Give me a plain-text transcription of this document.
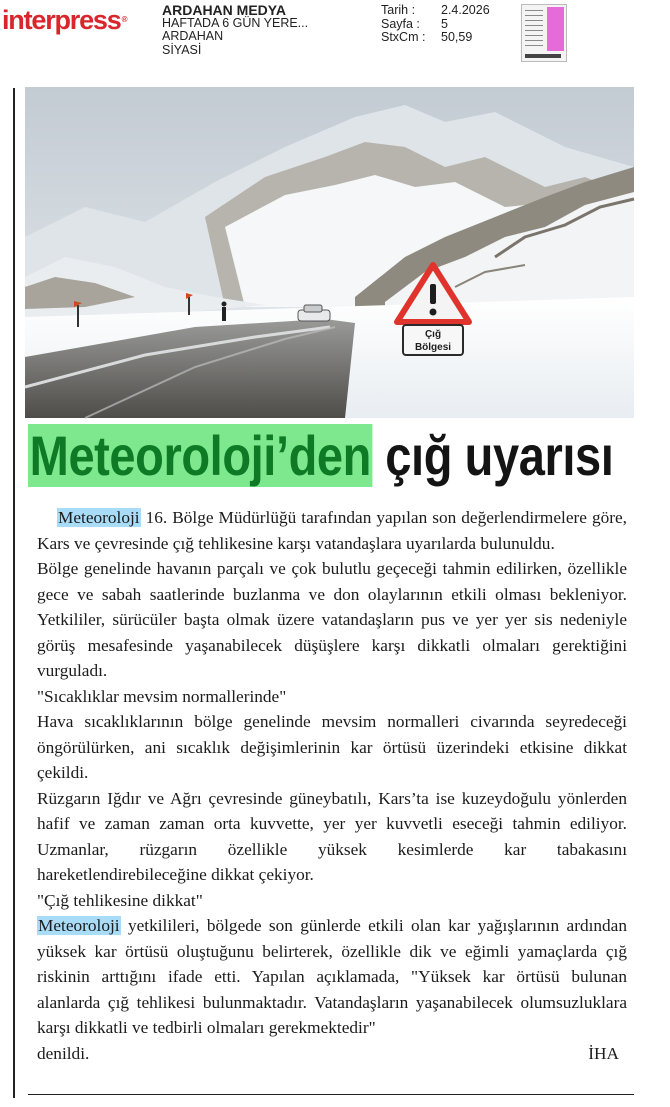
interpress®
ARDAHAN MEDYA
HAFTADA 6 GÜN YERE...
ARDAHAN
SİYASİ
Tarih :	2.4.2026
Sayfa :	5
StxCm :	50,59
Çığ
Bölgesi
Meteoroloji’den çığ uyarısı

Meteoroloji 16. Bölge Müdürlüğü tarafından yapılan son değerlendirmelere göre, Kars ve çevresinde çığ tehlikesine karşı vatandaşlara uyarılarda bulunuldu.

Bölge genelinde havanın parçalı ve çok bulutlu geçeceği tahmin edilirken, özellikle gece ve sabah saatlerinde buzlanma ve don olaylarının etkili olması bekleniyor. Yetkililer, sürücüler başta olmak üzere vatandaşların pus ve yer yer sis nedeniyle görüş mesafesinde yaşanabilecek düşüşlere karşı dikkatli olmaları gerektiğini vurguladı.

"Sıcaklıklar mevsim normallerinde"

Hava sıcaklıklarının bölge genelinde mevsim normalleri civarında seyredeceği öngörülürken, ani sıcaklık değişimlerinin kar örtüsü üzerindeki etkisine dikkat çekildi.

Rüzgarın Iğdır ve Ağrı çevresinde güneybatılı, Kars’ta ise kuzeydoğulu yönlerden hafif ve zaman zaman orta kuvvette, yer yer kuvvetli eseceği tahmin ediliyor. Uzmanlar, rüzgarın özellikle yüksek kesimlerde kar tabakasını hareketlendirebileceğine dikkat çekiyor.

"Çığ tehlikesine dikkat"

Meteoroloji yetkilileri, bölgede son günlerde etkili olan kar yağışlarının ardından yüksek kar örtüsü oluştuğunu belirterek, özellikle dik ve eğimli yamaçlarda çığ riskinin arttığını ifade etti. Yapılan açıklamada, "Yüksek kar örtüsü bulunan alanlarda çığ tehlikesi bulunmaktadır. Vatandaşların yaşanabilecek olumsuzluklara karşı dikkatli ve tedbirli olmaları gerekmektedir"

denildi.	İHA
